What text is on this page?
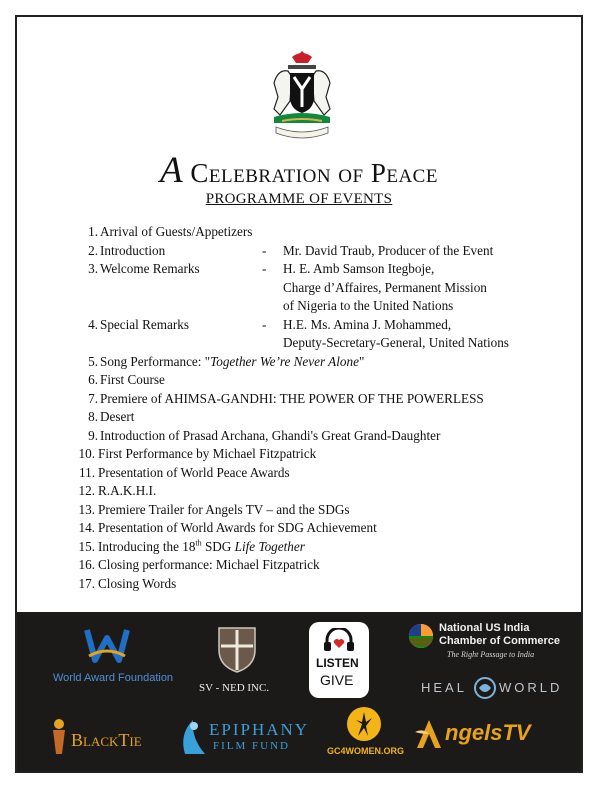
A Celebration of Peace
PROGRAMME OF EVENTS
1. Arrival of Guests/Appetizers
2. Introduction	- Mr. David Traub, Producer of the Event
3. Welcome Remarks	- H. E. Amb Samson Itegboje,
Charge d’Affaires, Permanent Mission
of Nigeria to the United Nations
4. Special Remarks	- H.E. Ms. Amina J. Mohammed,
Deputy-Secretary-General, United Nations
5. Song Performance: "Together We’re Never Alone"
6. First Course
7. Premiere of AHIMSA-GANDHI: THE POWER OF THE POWERLESS
8. Desert
9. Introduction of Prasad Archana, Ghandi's Great Grand-Daughter
10. First Performance by Michael Fitzpatrick
11. Presentation of World Peace Awards
12. R.A.K.H.I.
13. Premiere Trailer for Angels TV – and the SDGs
14. Presentation of World Awards for SDG Achievement
15. Introducing the 18th SDG Life Together
16. Closing performance: Michael Fitzpatrick
17. Closing Words
World Award Foundation
SV - NED INC.
LISTEN
GIVE
National US India
Chamber of Commerce
The Right Passage to India
HEAL WORLD
BlackTie
EPIPHANY
FILM FUND	GC4WOMEN.ORG
ngelsTV
